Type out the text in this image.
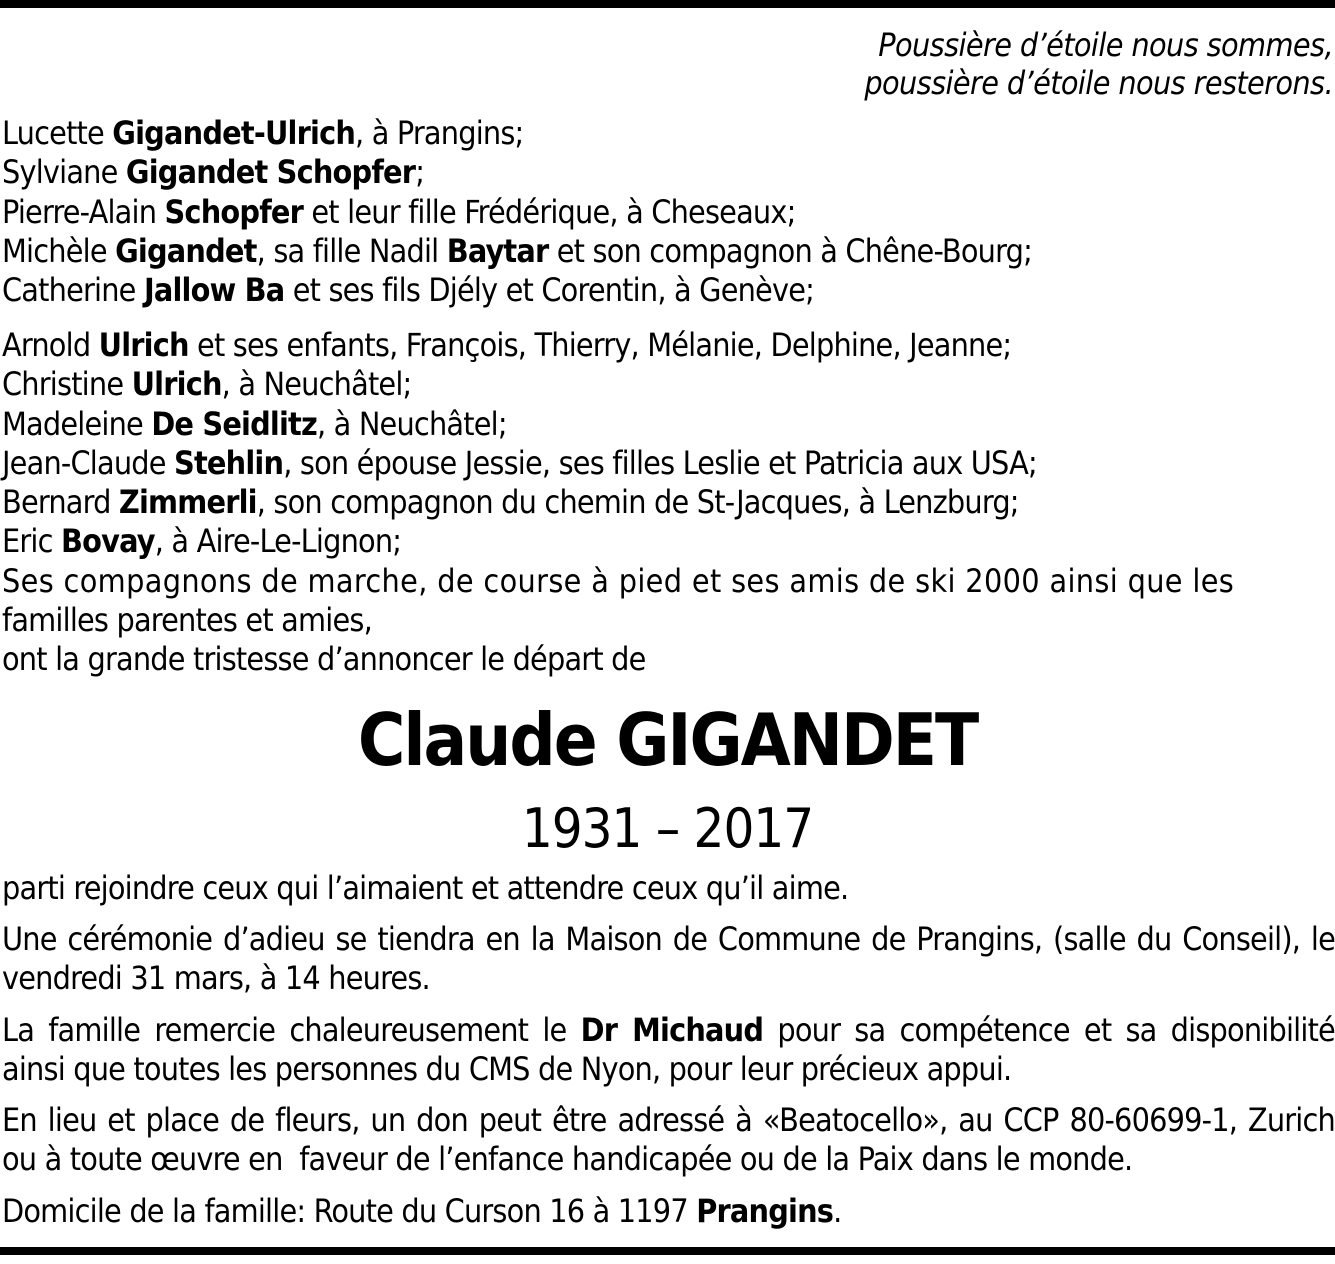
Poussière d’étoile nous sommes,
poussière d’étoile nous resterons.
Lucette Gigandet-Ulrich, à Prangins;
Sylviane Gigandet Schopfer;
Pierre-Alain Schopfer et leur fille Frédérique, à Cheseaux;
Michèle Gigandet, sa fille Nadil Baytar et son compagnon à Chêne-Bourg;
Catherine Jallow Ba et ses fils Djély et Corentin, à Genève;
Arnold Ulrich et ses enfants, François, Thierry, Mélanie, Delphine, Jeanne;
Christine Ulrich, à Neuchâtel;
Madeleine De Seidlitz, à Neuchâtel;
Jean-Claude Stehlin, son épouse Jessie, ses filles Leslie et Patricia aux USA;
Bernard Zimmerli, son compagnon du chemin de St-Jacques, à Lenzburg;
Eric Bovay, à Aire-Le-Lignon;
Ses compagnons de marche, de course à pied et ses amis de ski 2000 ainsi que les
familles parentes et amies,
ont la grande tristesse d’annoncer le départ de
Claude GIGANDET
1931 – 2017
parti rejoindre ceux qui l’aimaient et attendre ceux qu’il aime.
Une cérémonie d’adieu se tiendra en la Maison de Commune de Prangins, (salle du Conseil), le vendredi 31 mars, à 14 heures.
La famille remercie chaleureusement le Dr Michaud pour sa compétence et sa disponibilité ainsi que toutes les personnes du CMS de Nyon, pour leur précieux appui.
En lieu et place de fleurs, un don peut être adressé à «Beatocello», au CCP 80-60699-1, Zurich ou à toute œuvre en  faveur de l’enfance handicapée ou de la Paix dans le monde.
Domicile de la famille: Route du Curson 16 à 1197 Prangins.
